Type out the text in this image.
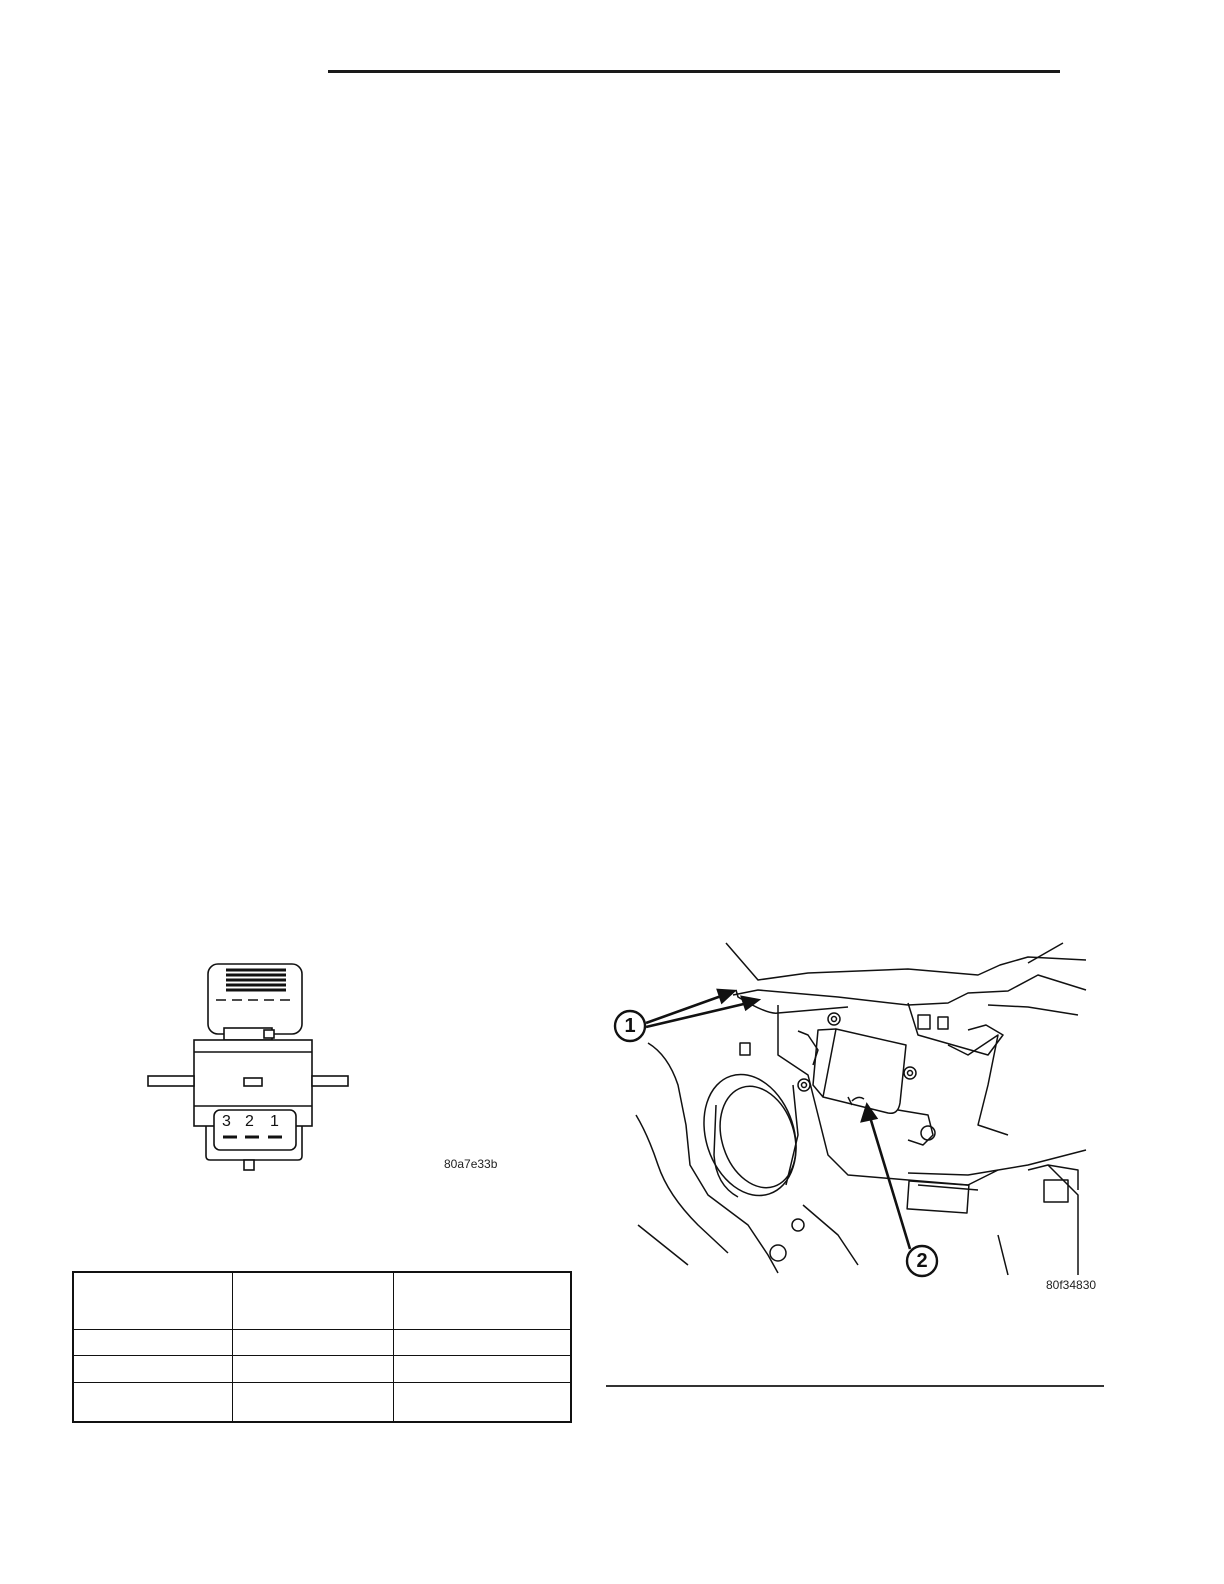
3 2 1
80a7e33b
1
2
80f34830
